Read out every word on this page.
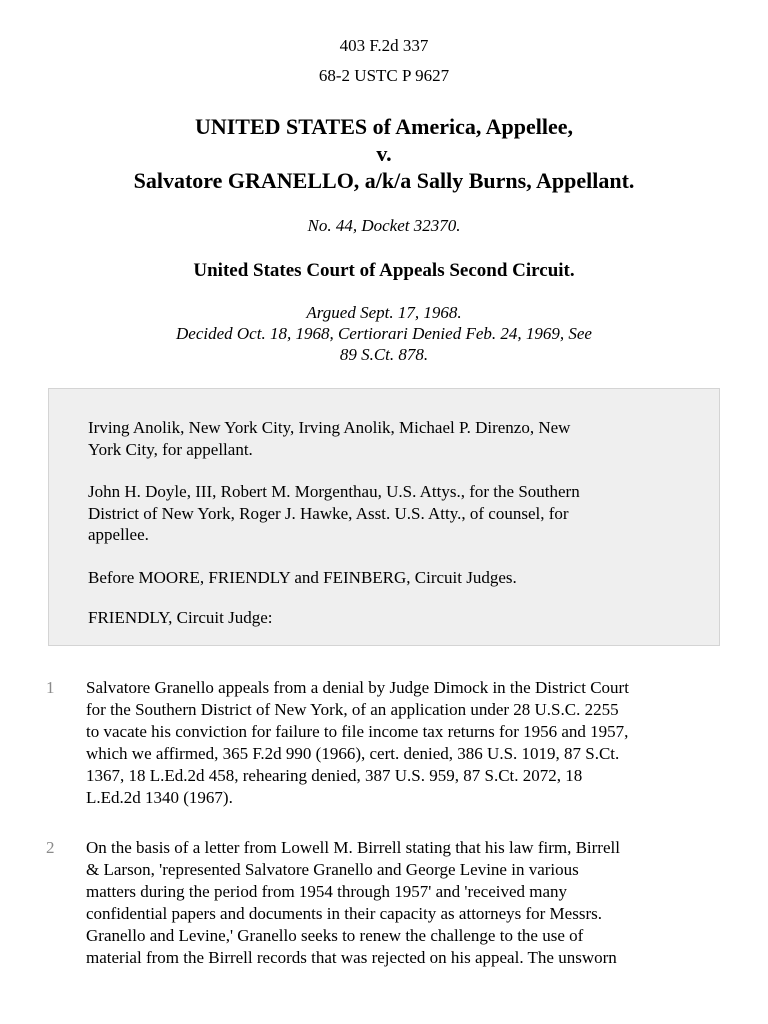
403 F.2d 337
68-2 USTC P 9627
UNITED STATES of America, Appellee,
v.
Salvatore GRANELLO, a/k/a Sally Burns, Appellant.
No. 44, Docket 32370.
United States Court of Appeals Second Circuit.
Argued Sept. 17, 1968.
Decided Oct. 18, 1968, Certiorari Denied Feb. 24, 1969, See
89 S.Ct. 878.

Irving Anolik, New York City, Irving Anolik, Michael P. Direnzo, New
York City, for appellant.

John H. Doyle, III, Robert M. Morgenthau, U.S. Attys., for the Southern
District of New York, Roger J. Hawke, Asst. U.S. Atty., of counsel, for
appellee.

Before MOORE, FRIENDLY and FEINBERG, Circuit Judges.

FRIENDLY, Circuit Judge:

1 Salvatore Granello appeals from a denial by Judge Dimock in the District Court
for the Southern District of New York, of an application under 28 U.S.C. 2255
to vacate his conviction for failure to file income tax returns for 1956 and 1957,
which we affirmed, 365 F.2d 990 (1966), cert. denied, 386 U.S. 1019, 87 S.Ct.
1367, 18 L.Ed.2d 458, rehearing denied, 387 U.S. 959, 87 S.Ct. 2072, 18
L.Ed.2d 1340 (1967).
2 On the basis of a letter from Lowell M. Birrell stating that his law firm, Birrell
& Larson, 'represented Salvatore Granello and George Levine in various
matters during the period from 1954 through 1957' and 'received many
confidential papers and documents in their capacity as attorneys for Messrs.
Granello and Levine,' Granello seeks to renew the challenge to the use of
material from the Birrell records that was rejected on his appeal. The unsworn
